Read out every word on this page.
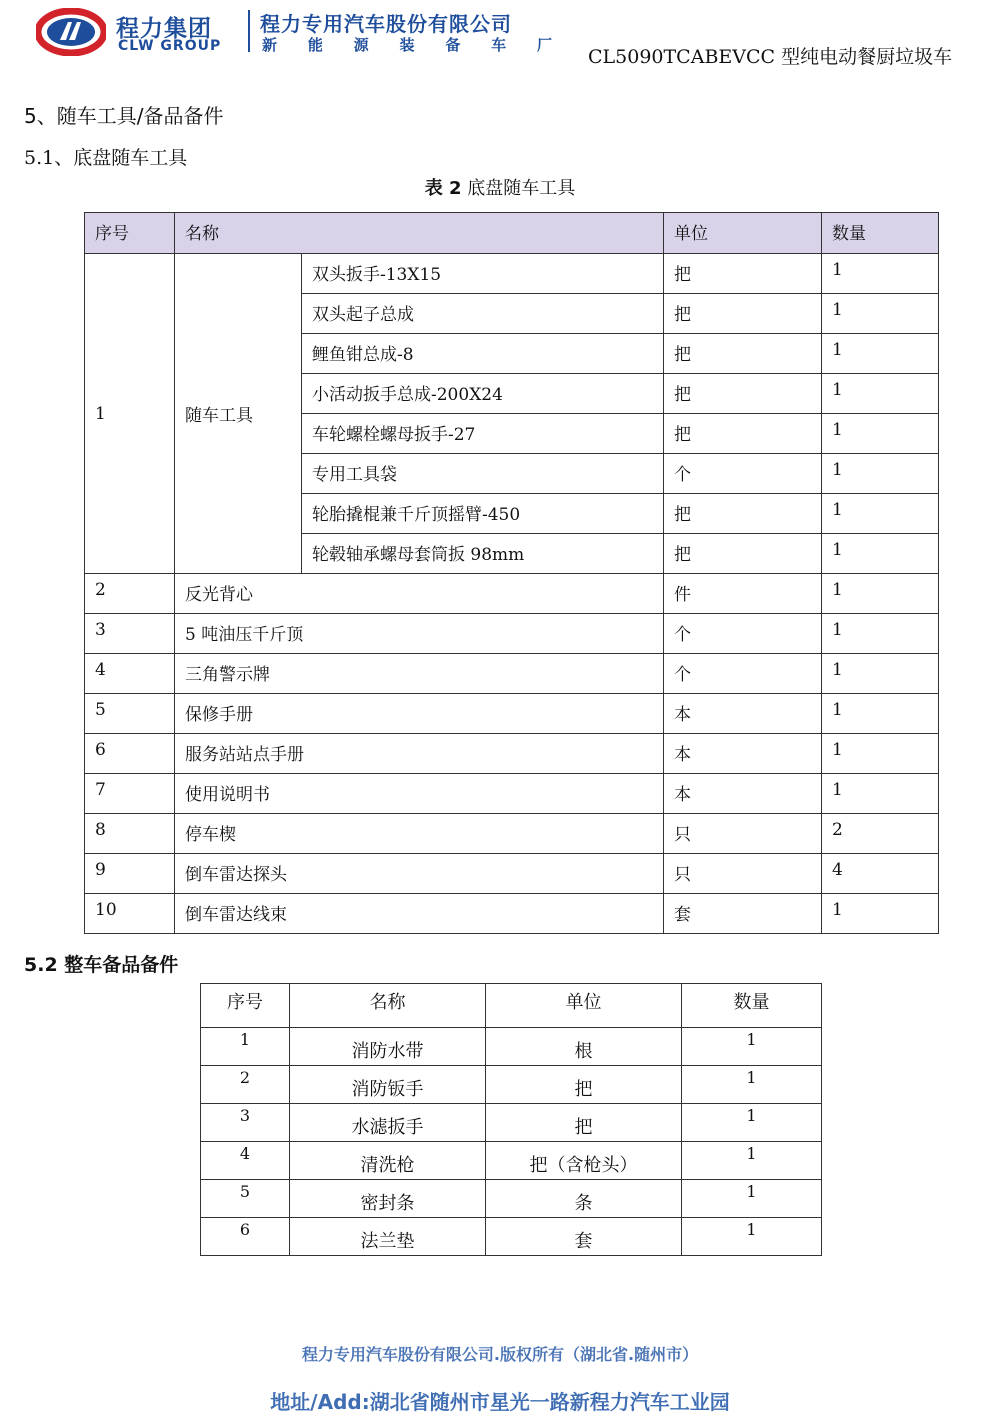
程力集团
CLW GROUP
程力专用汽车股份有限公司
新 能 源 装 备 车 厂
CL5090TCABEVCC 型纯电动餐厨垃圾车
5、随车工具/备品备件
5.1、底盘随车工具
表 2 底盘随车工具
序号	名称		单位	数量
1	随车工具	双头扳手-13X15	把	1
		双头起子总成	把	1
		鲤鱼钳总成-8	把	1
		小活动扳手总成-200X24	把	1
		车轮螺栓螺母扳手-27	把	1
		专用工具袋	个	1
		轮胎撬棍兼千斤顶摇臂-450	把	1
		轮毂轴承螺母套筒扳 98mm	把	1
2	反光背心		件	1
3	5 吨油压千斤顶		个	1
4	三角警示牌		个	1
5	保修手册		本	1
6	服务站站点手册		本	1
7	使用说明书		本	1
8	停车楔		只	2
9	倒车雷达探头		只	4
10	倒车雷达线束		套	1
5.2 整车备品备件
序号	名称	单位	数量
1	消防水带	根	1
2	消防钣手	把	1
3	水滤扳手	把	1
4	清洗枪	把（含枪头）	1
5	密封条	条	1
6	法兰垫	套	1
程力专用汽车股份有限公司.版权所有（湖北省.随州市）
地址/Add:湖北省随州市星光一路新程力汽车工业园
